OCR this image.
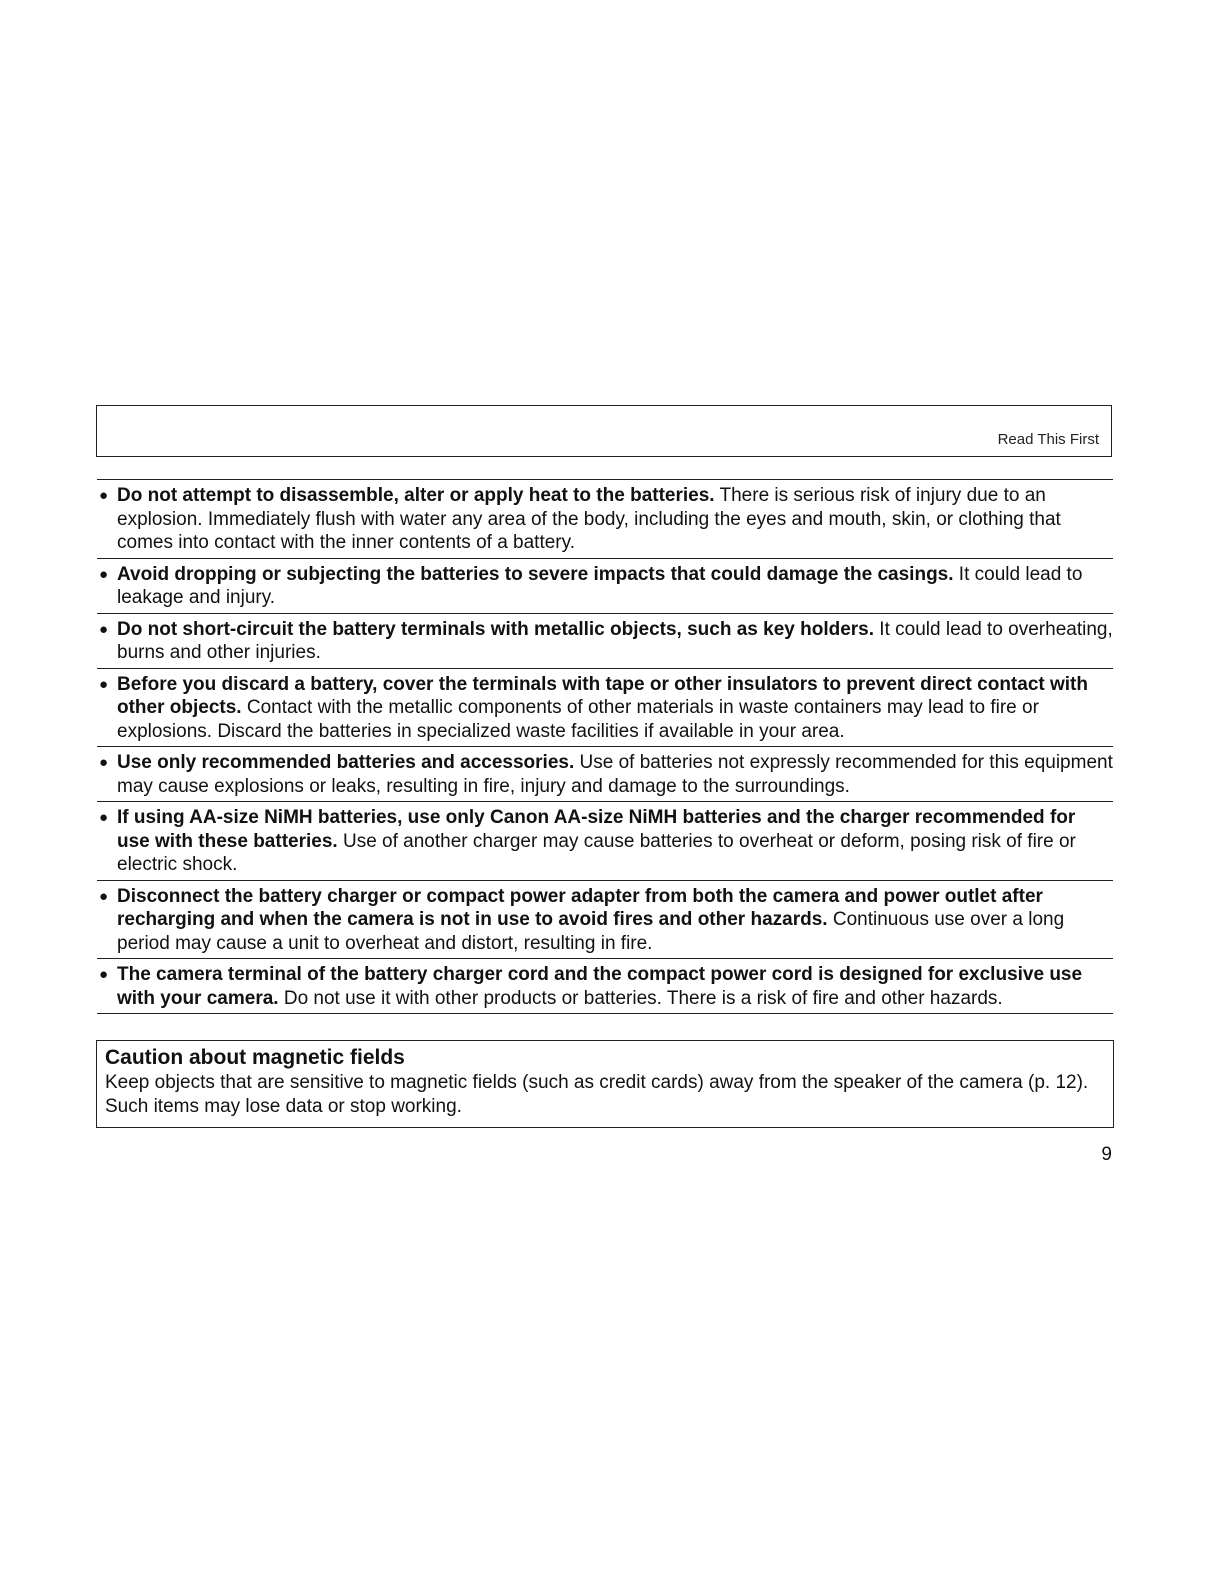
Read This First
● Do not attempt to disassemble, alter or apply heat to the batteries. There is serious risk of injury due to an explosion. Immediately flush with water any area of the body, including the eyes and mouth, skin, or clothing that comes into contact with the inner contents of a battery.
● Avoid dropping or subjecting the batteries to severe impacts that could damage the casings. It could lead to leakage and injury.
● Do not short-circuit the battery terminals with metallic objects, such as key holders. It could lead to overheating, burns and other injuries.
● Before you discard a battery, cover the terminals with tape or other insulators to prevent direct contact with other objects. Contact with the metallic components of other materials in waste containers may lead to fire or explosions. Discard the batteries in specialized waste facilities if available in your area.
● Use only recommended batteries and accessories. Use of batteries not expressly recommended for this equipment may cause explosions or leaks, resulting in fire, injury and damage to the surroundings.
● If using AA-size NiMH batteries, use only Canon AA-size NiMH batteries and the charger recommended for use with these batteries. Use of another charger may cause batteries to overheat or deform, posing risk of fire or electric shock.
● Disconnect the battery charger or compact power adapter from both the camera and power outlet after recharging and when the camera is not in use to avoid fires and other hazards. Continuous use over a long period may cause a unit to overheat and distort, resulting in fire.
● The camera terminal of the battery charger cord and the compact power cord is designed for exclusive use with your camera. Do not use it with other products or batteries. There is a risk of fire and other hazards.
Caution about magnetic fields
Keep objects that are sensitive to magnetic fields (such as credit cards) away from the speaker of the camera (p. 12). Such items may lose data or stop working.
9
